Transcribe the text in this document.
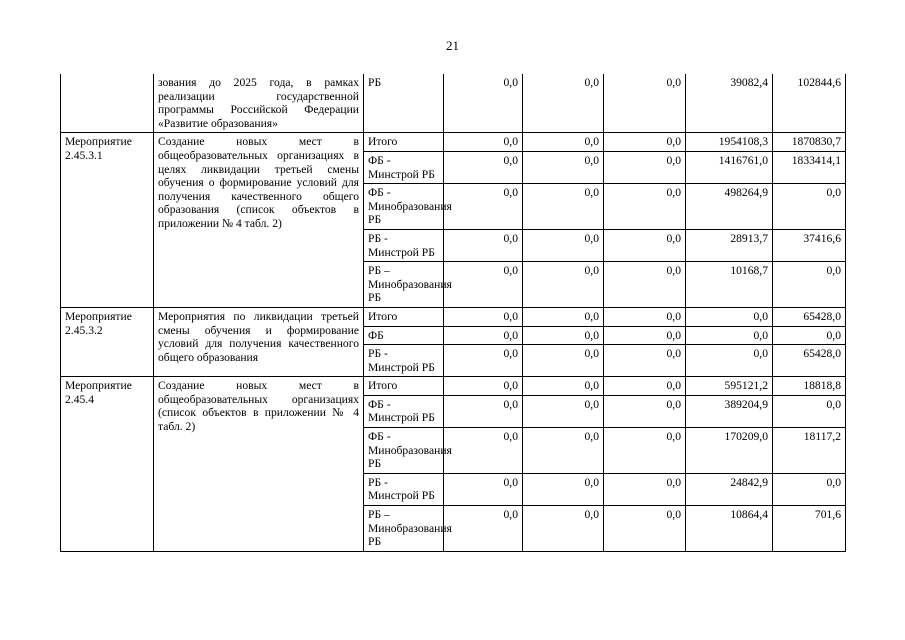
21
	зования до 2025 года, в рамках реализации государственной программы Российской Федерации «Развитие образования»	РБ	0,0	0,0	0,0	39082,4	102844,6
Мероприятие 2.45.3.1	Создание новых мест в общеобразовательных организациях в целях ликвидации третьей смены обучения о формирование условий для получения качественного общего образования (список объектов в приложении № 4 табл. 2)	Итого	0,0	0,0	0,0	1954108,3	1870830,7
		ФБ - Минстрой РБ	0,0	0,0	0,0	1416761,0	1833414,1
		ФБ - Минобразования РБ	0,0	0,0	0,0	498264,9	0,0
		РБ - Минстрой РБ	0,0	0,0	0,0	28913,7	37416,6
		РБ – Минобразования РБ	0,0	0,0	0,0	10168,7	0,0
Мероприятие 2.45.3.2	Мероприятия по ликвидации третьей смены обучения и формирование условий для получения качественного общего образования	Итого	0,0	0,0	0,0	0,0	65428,0
		ФБ	0,0	0,0	0,0	0,0	0,0
		РБ - Минстрой РБ	0,0	0,0	0,0	0,0	65428,0
Мероприятие 2.45.4	Создание новых мест в общеобразовательных организациях (список объектов в приложении № 4 табл. 2)	Итого	0,0	0,0	0,0	595121,2	18818,8
		ФБ - Минстрой РБ	0,0	0,0	0,0	389204,9	0,0
		ФБ - Минобразования РБ	0,0	0,0	0,0	170209,0	18117,2
		РБ - Минстрой РБ	0,0	0,0	0,0	24842,9	0,0
		РБ – Минобразования РБ	0,0	0,0	0,0	10864,4	701,6
